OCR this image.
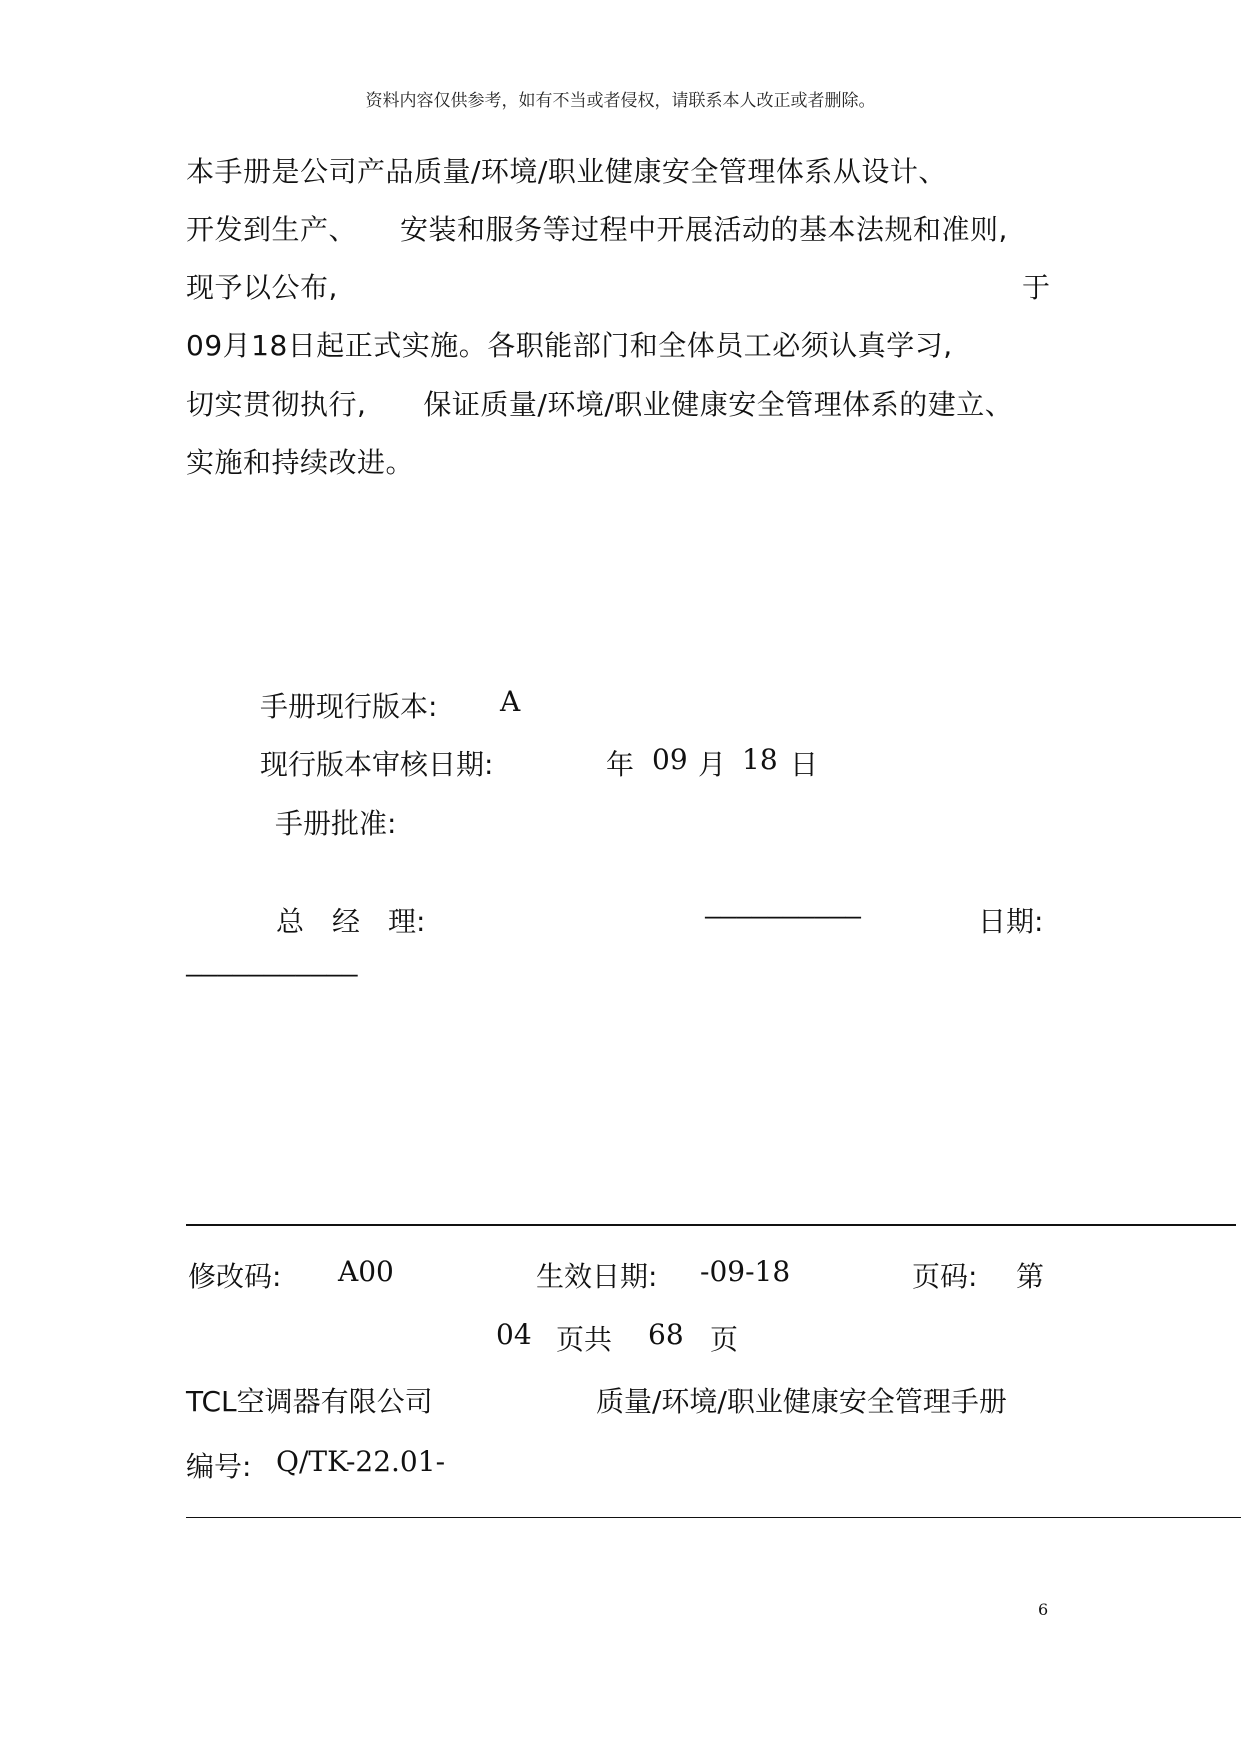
资料内容仅供参考，如有不当或者侵权，请联系本人改正或者删除。
本手册是公司产品质量/环境/职业健康安全管理体系从设计、
开发到生产、　　安装和服务等过程中开展活动的基本法规和准则,
现予以公布,	于
09月18日起正式实施。各职能部门和全体员工必须认真学习,
切实贯彻执行,　　保证质量/环境/职业健康安全管理体系的建立、
实施和持续改进。
手册现行版本: A
现行版本审核日期:	年 09 月 18 日
手册批准:
总　经　理:	——————————	日期:
———————————
修改码: A00	生效日期: -09-18	页码: 第
04 页共 68 页
TCL空调器有限公司	质量/环境/职业健康安全管理手册
编号: Q/TK-22.01-
6
